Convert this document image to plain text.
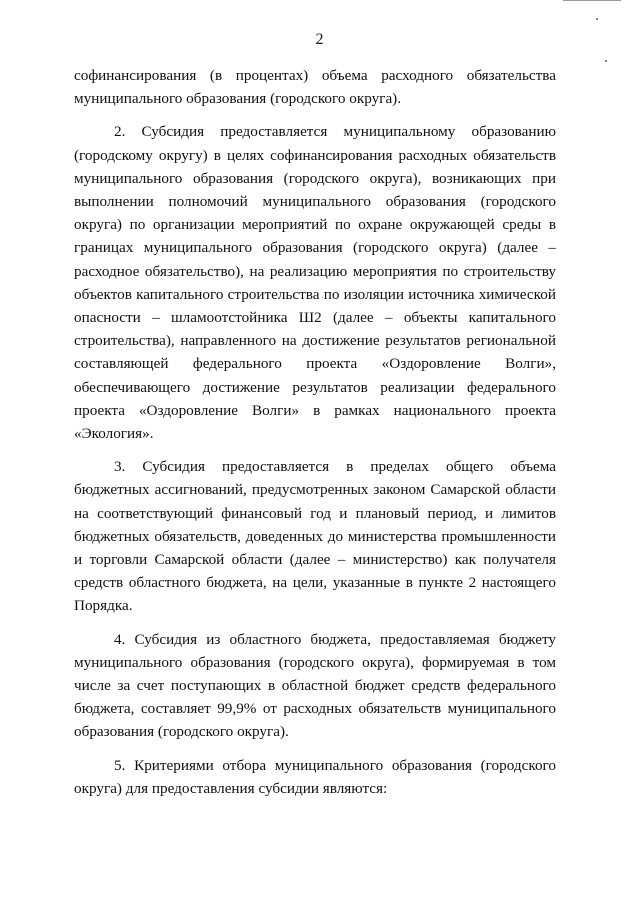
2

софинансирования (в процентах) объема расходного обязательства муниципального образования (городского округа).

2. Субсидия предоставляется муниципальному образованию (городскому округу) в целях софинансирования расходных обязательств муниципального образования (городского округа), возникающих при выполнении полномочий муниципального образования (городского округа) по организации мероприятий по охране окружающей среды в границах муниципального образования (городского округа) (далее – расходное обязательство), на реализацию мероприятия по строительству объектов капитального строительства по изоляции источника химической опасности – шламоотстойника Ш2 (далее – объекты капитального строительства), направленного на достижение результатов региональной составляющей федерального проекта «Оздоровление Волги», обеспечивающего достижение результатов реализации федерального проекта «Оздоровление Волги» в рамках национального проекта «Экология».

3. Субсидия предоставляется в пределах общего объема бюджетных ассигнований, предусмотренных законом Самарской области на соответствующий финансовый год и плановый период, и лимитов бюджетных обязательств, доведенных до министерства промышленности и торговли Самарской области (далее – министерство) как получателя средств областного бюджета, на цели, указанные в пункте 2 настоящего Порядка.

4. Субсидия из областного бюджета, предоставляемая бюджету муниципального образования (городского округа), формируемая в том числе за счет поступающих в областной бюджет средств федерального бюджета, составляет 99,9% от расходных обязательств муниципального образования (городского округа).

5. Критериями отбора муниципального образования (городского округа) для предоставления субсидии являются:
